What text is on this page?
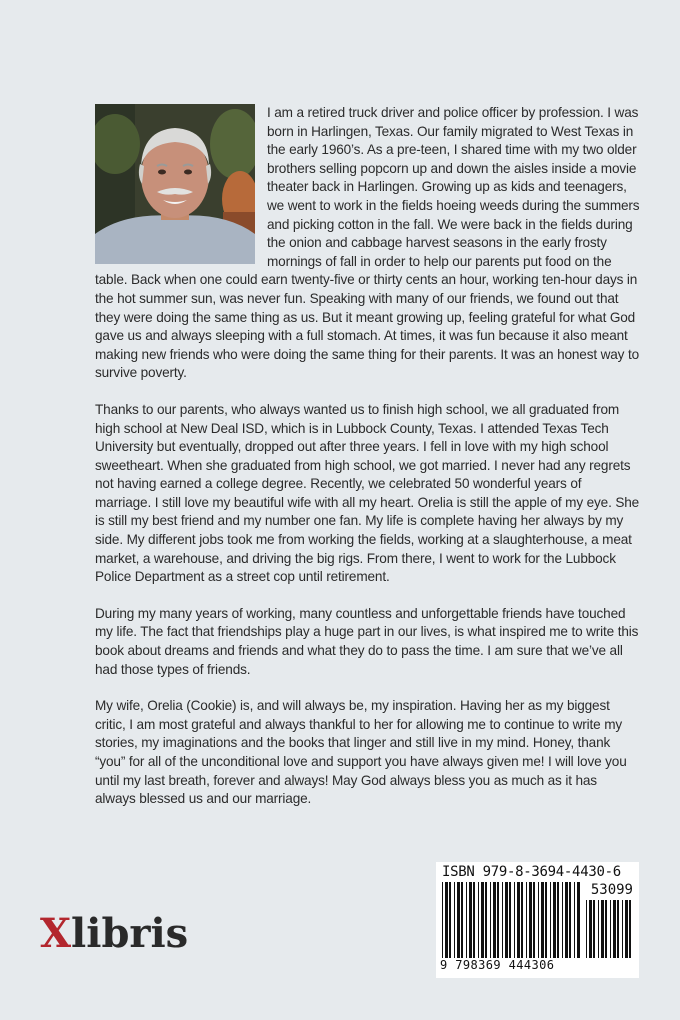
I am a retired truck driver and police officer by profession. I was born in Harlingen, Texas. Our family migrated to West Texas in the early 1960’s. As a pre-teen, I shared time with my two older brothers selling popcorn up and down the aisles inside a movie theater back in Harlingen. Growing up as kids and teenagers, we went to work in the fields hoeing weeds during the summers and picking cotton in the fall. We were back in the fields during the onion and cabbage harvest seasons in the early frosty mornings of fall in order to help our parents put food on the table. Back when one could earn twenty-five or thirty cents an hour, working ten-hour days in the hot summer sun, was never fun. Speaking with many of our friends, we found out that they were doing the same thing as us. But it meant growing up, feeling grateful for what God gave us and always sleeping with a full stomach. At times, it was fun because it also meant making new friends who were doing the same thing for their parents. It was an honest way to survive poverty.

Thanks to our parents, who always wanted us to finish high school, we all graduated from high school at New Deal ISD, which is in Lubbock County, Texas. I attended Texas Tech University but eventually, dropped out after three years. I fell in love with my high school sweetheart. When she graduated from high school, we got married. I never had any regrets not having earned a college degree. Recently, we celebrated 50 wonderful years of marriage. I still love my beautiful wife with all my heart. Orelia is still the apple of my eye. She is still my best friend and my number one fan. My life is complete having her always by my side. My different jobs took me from working the fields, working at a slaughterhouse, a meat market, a warehouse, and driving the big rigs. From there, I went to work for the Lubbock Police Department as a street cop until retirement.

During my many years of working, many countless and unforgettable friends have touched my life. The fact that friendships play a huge part in our lives, is what inspired me to write this book about dreams and friends and what they do to pass the time. I am sure that we’ve all had those types of friends.

My wife, Orelia (Cookie) is, and will always be, my inspiration. Having her as my biggest critic, I am most grateful and always thankful to her for allowing me to continue to write my stories, my imaginations and the books that linger and still live in my mind. Honey, thank “you” for all of the unconditional love and support you have always given me! I will love you until my last breath, forever and always! May God always bless you as much as it has always blessed us and our marriage.

Xlibris
ISBN 979-8-3694-4430-6
53099
9 798369 444306
